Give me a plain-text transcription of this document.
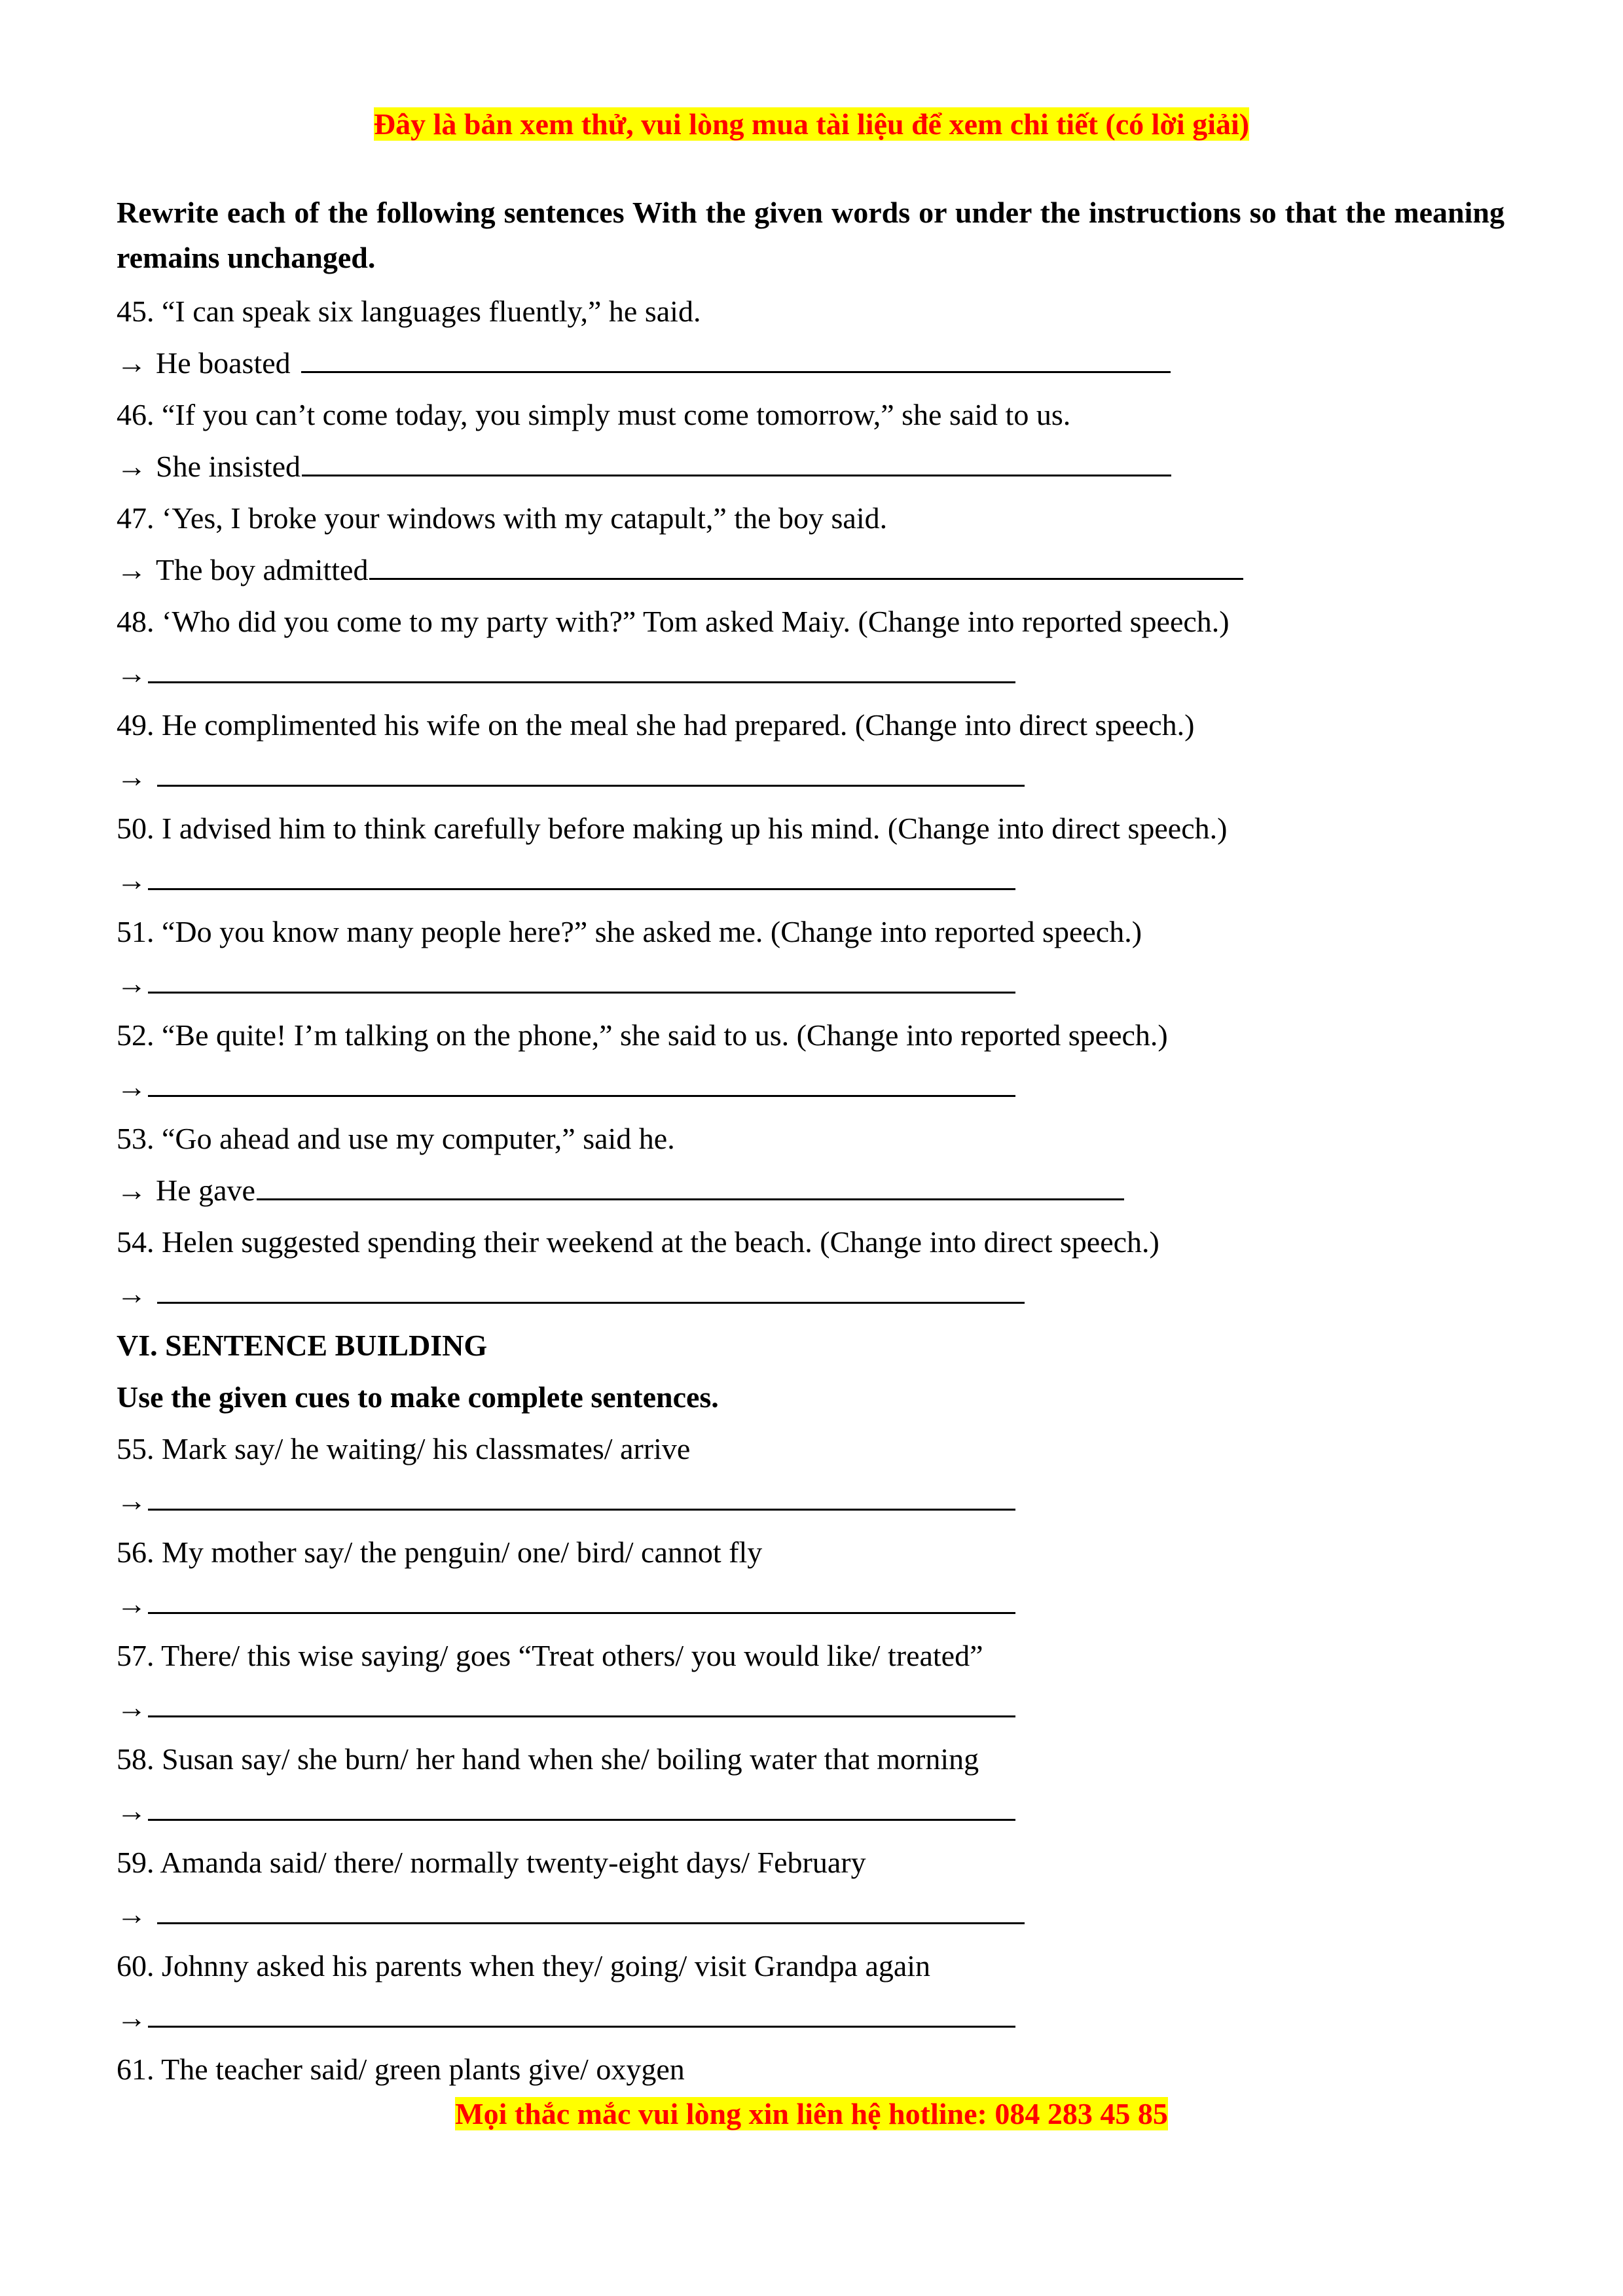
Đây là bản xem thử, vui lòng mua tài liệu để xem chi tiết (có lời giải)
Rewrite each of the following sentences With the given words or under the instructions so that the meaning remains unchanged.
45. “I can speak six languages fluently,” he said.
→ He boasted
46. “If you can’t come today, you simply must come tomorrow,” she said to us.
→ She insisted
47. ‘Yes, I broke your windows with my catapult,” the boy said.
→ The boy admitted
48. ‘Who did you come to my party with?” Tom asked Maiy. (Change into reported speech.)
→
49. He complimented his wife on the meal she had prepared. (Change into direct speech.)
→
50. I advised him to think carefully before making up his mind. (Change into direct speech.)
→
51. “Do you know many people here?” she asked me. (Change into reported speech.)
→
52. “Be quite! I’m talking on the phone,” she said to us. (Change into reported speech.)
→
53. “Go ahead and use my computer,” said he.
→ He gave
54. Helen suggested spending their weekend at the beach. (Change into direct speech.)
→
VI. SENTENCE BUILDING
Use the given cues to make complete sentences.
55. Mark say/ he waiting/ his classmates/ arrive
→
56. My mother say/ the penguin/ one/ bird/ cannot fly
→
57. There/ this wise saying/ goes “Treat others/ you would like/ treated”
→
58. Susan say/ she burn/ her hand when she/ boiling water that morning
→
59. Amanda said/ there/ normally twenty-eight days/ February
→
60. Johnny asked his parents when they/ going/ visit Grandpa again
→
61. The teacher said/ green plants give/ oxygen
Mọi thắc mắc vui lòng xin liên hệ hotline: 084 283 45 85
